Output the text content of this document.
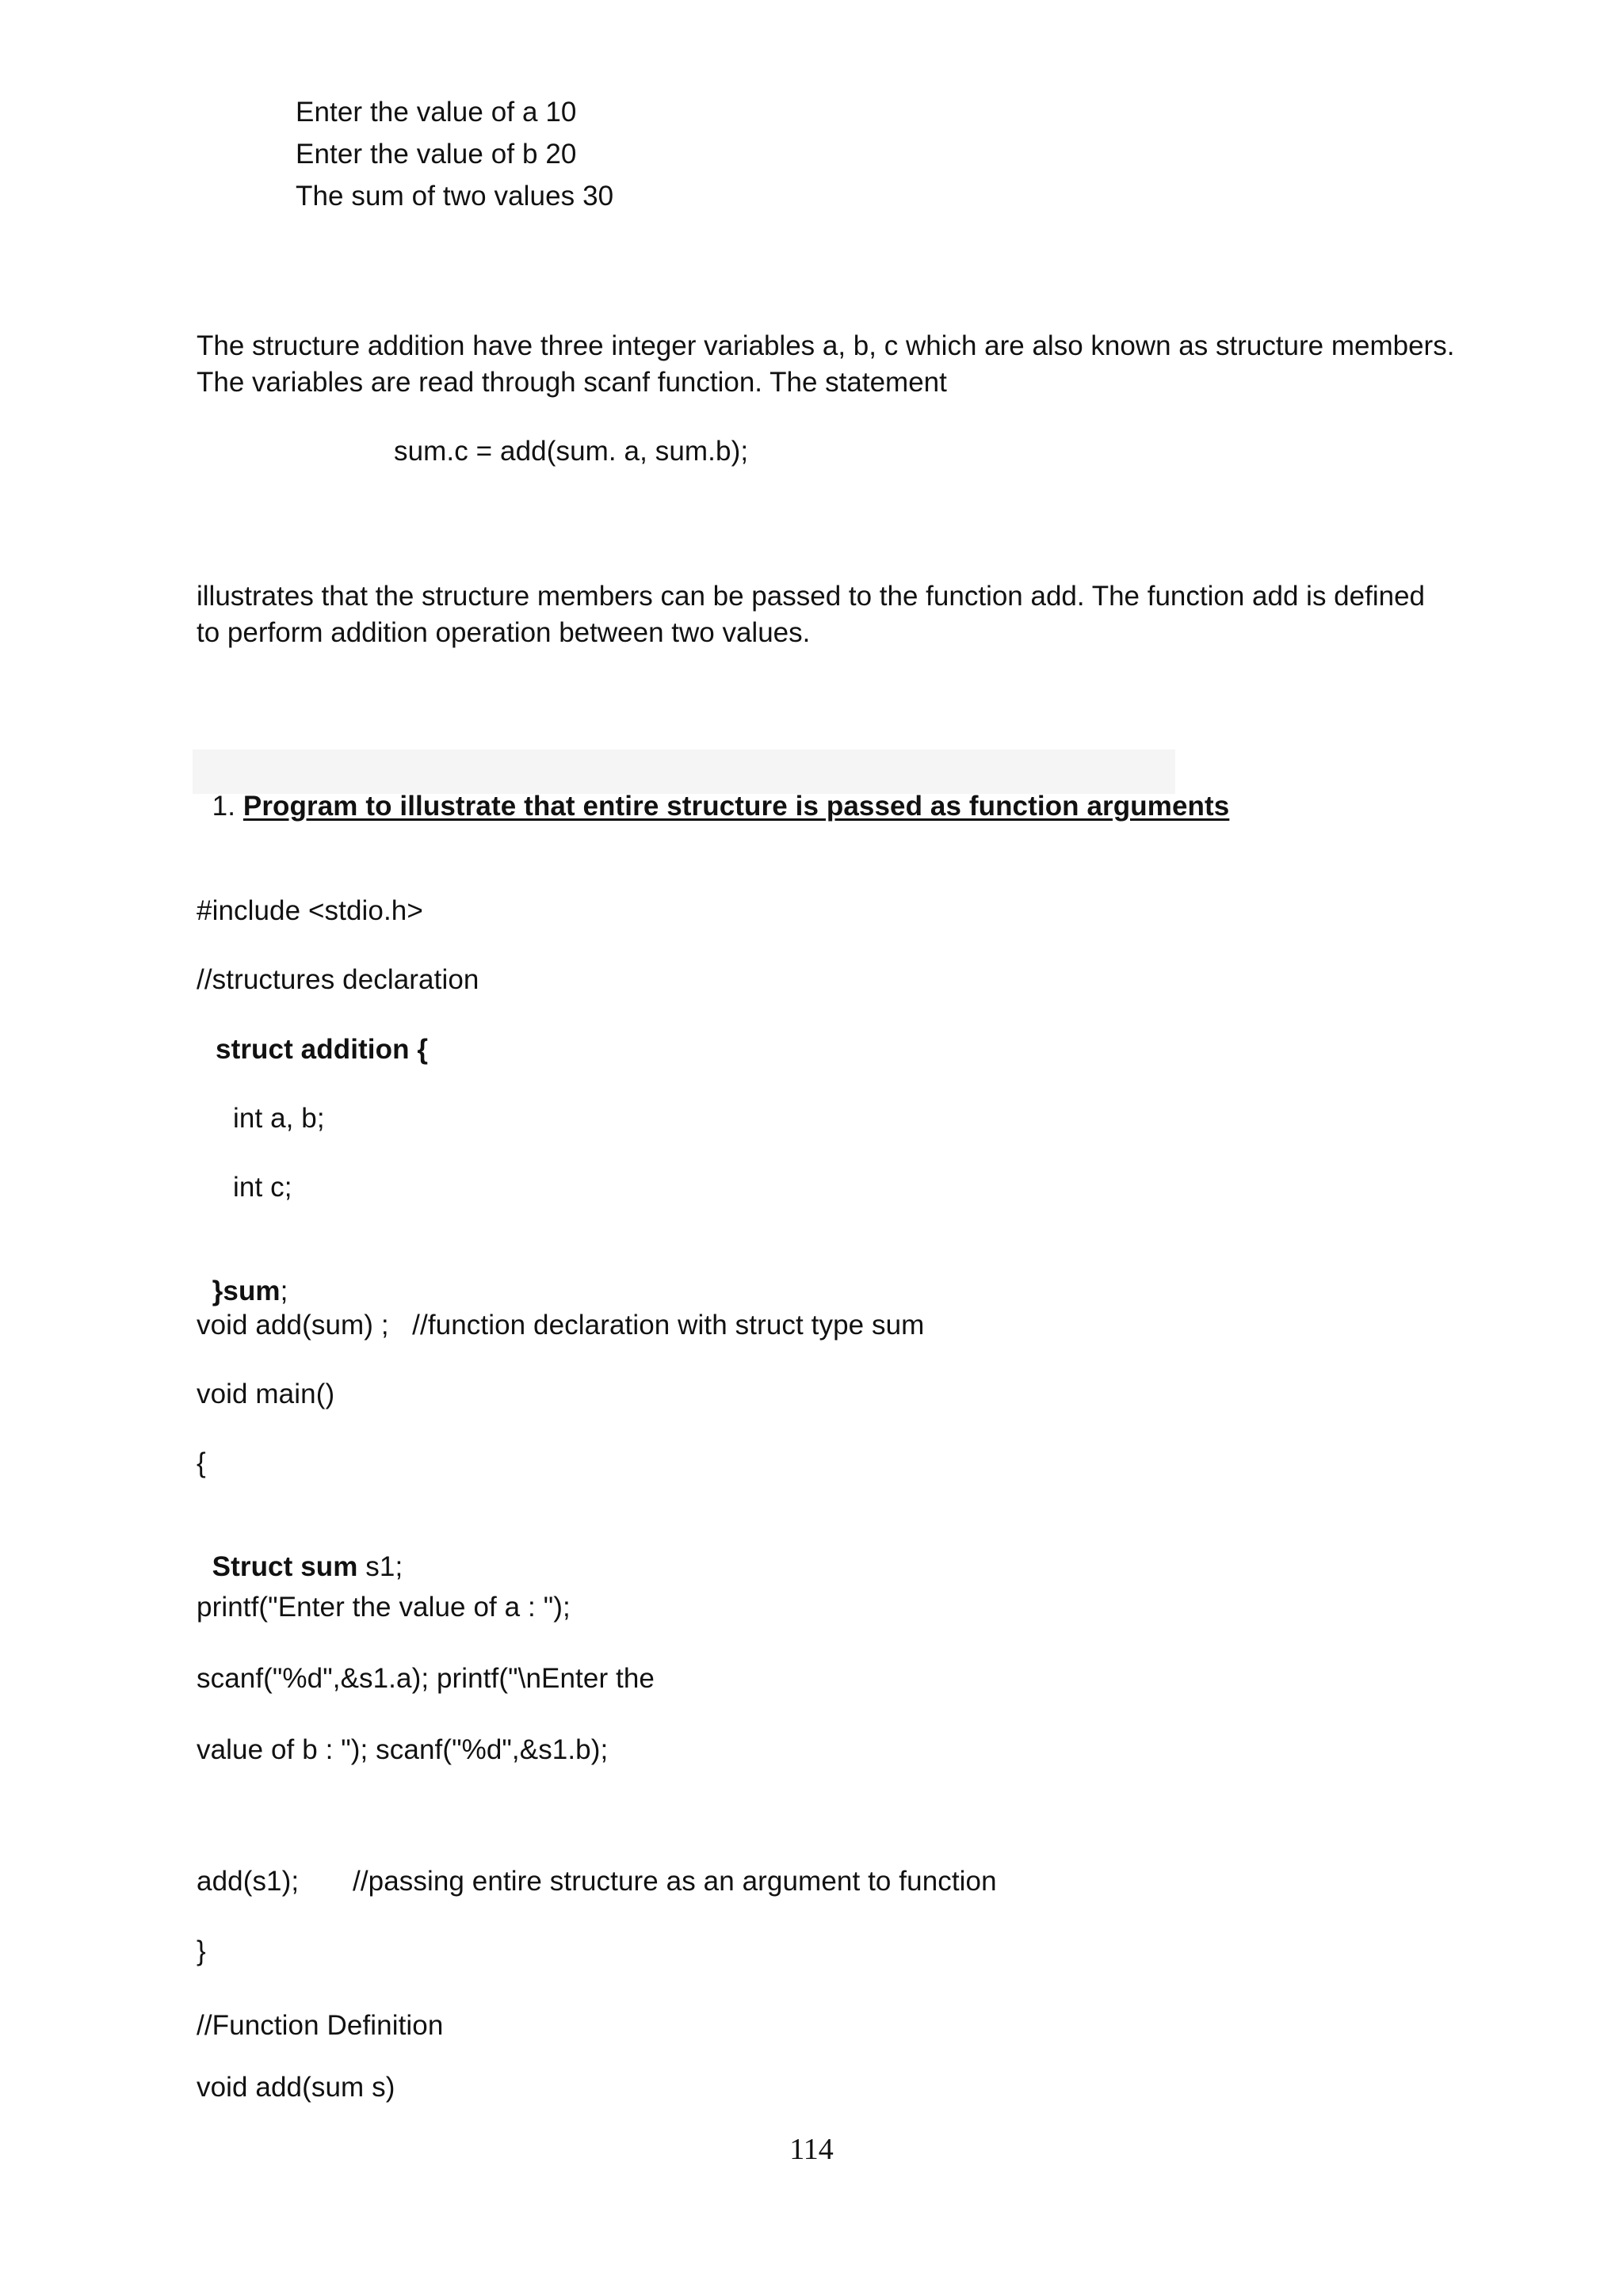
Enter the value of a 10
Enter the value of b 20
The sum of two values 30
The structure addition have three integer variables a, b, c which are also known as structure members.
The variables are read through scanf function. The statement
sum.c = add(sum. a, sum.b);
illustrates that the structure members can be passed to the function add. The function add is defined
to perform addition operation between two values.

1. Program to illustrate that entire structure is passed as function arguments

#include <stdio.h>
//structures declaration
struct addition {
int a, b;
int c;

}sum;

void add(sum) ;   //function declaration with struct type sum
void main()
{

Struct sum s1;

printf("Enter the value of a : ");
scanf("%d",&s1.a); printf("\nEnter the
value of b : "); scanf("%d",&s1.b);
add(s1); //passing entire structure as an argument to function
}
//Function Definition
void add(sum s)
114
